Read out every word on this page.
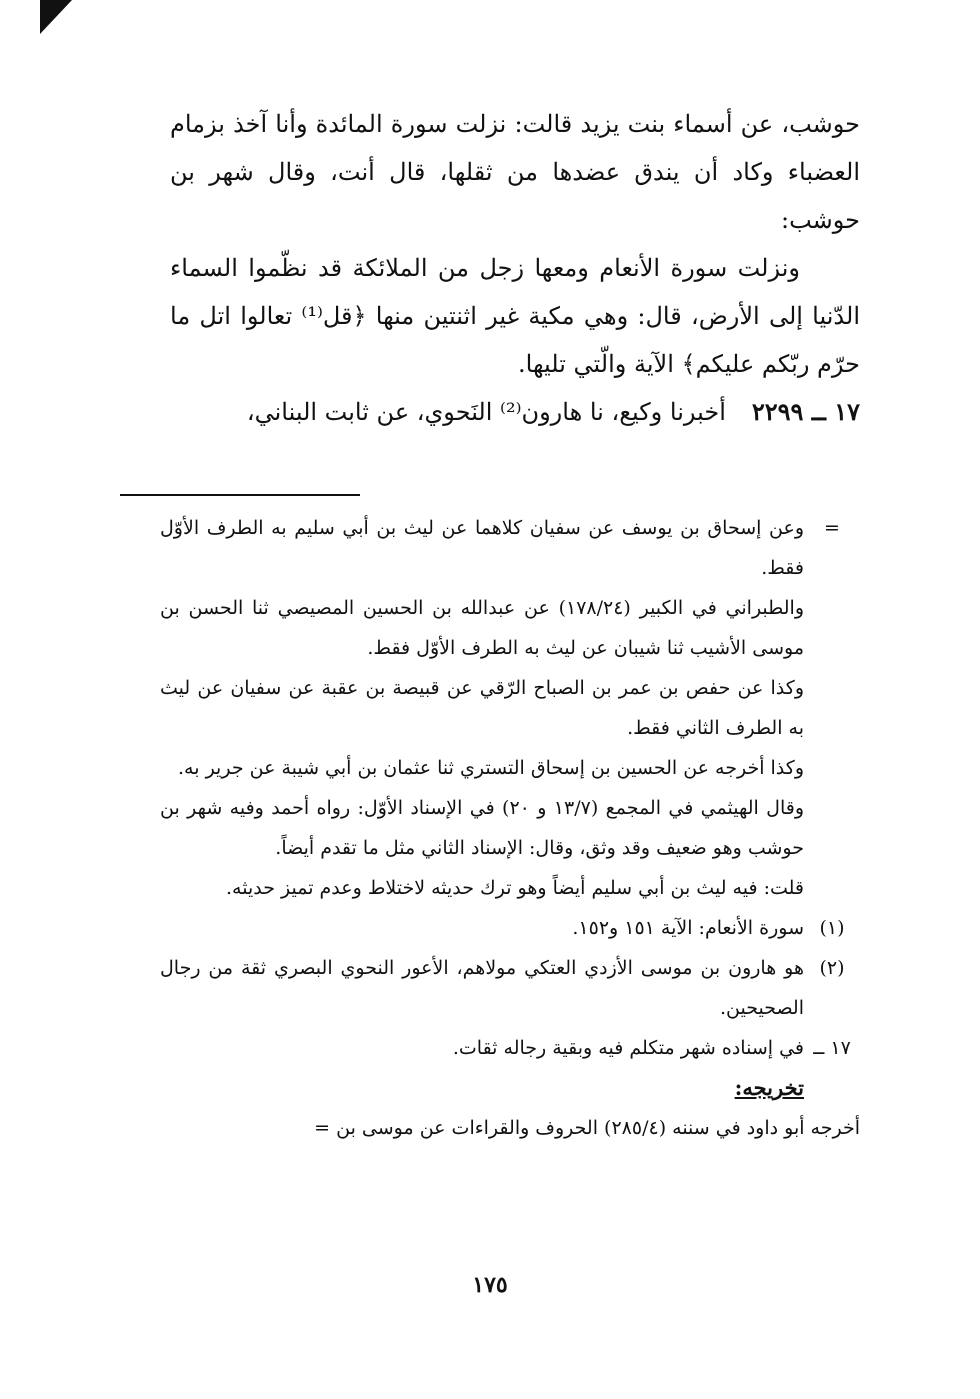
حوشب، عن أسماء بنت يزيد قالت: نزلت سورة المائدة وأنا آخذ بزمام العضباء وكاد أن يندق عضدها من ثقلها، قال أنت، وقال شهر بن حوشب:

ونزلت سورة الأنعام ومعها زجل من الملائكة قد نظّموا السماء الدّنيا إلى الأرض، قال: وهي مكية غير اثنتين منها ﴿قل⁽¹⁾ تعالوا اتل ما حرّم ربّكم عليكم﴾ الآية والّتي تليها.

١٧ ــ ٢٢٩٩أخبرنا وكيع، نا هارون⁽²⁾ النَحوي، عن ثابت البناني،

=
وعن إسحاق بن يوسف عن سفيان كلاهما عن ليث بن أبي سليم به الطرف الأوّل فقط.
والطبراني في الكبير (١٧٨/٢٤) عن عبدالله بن الحسين المصيصي ثنا الحسن بن موسى الأشيب ثنا شيبان عن ليث به الطرف الأوّل فقط.
وكذا عن حفص بن عمر بن الصباح الرّقي عن قبيصة بن عقبة عن سفيان عن ليث به الطرف الثاني فقط.
وكذا أخرجه عن الحسين بن إسحاق التستري ثنا عثمان بن أبي شيبة عن جرير به.
وقال الهيثمي في المجمع (١٣/٧ و ٢٠) في الإسناد الأوّل: رواه أحمد وفيه شهر بن حوشب وهو ضعيف وقد وثق، وقال: الإسناد الثاني مثل ما تقدم أيضاً.
قلت: فيه ليث بن أبي سليم أيضاً وهو ترك حديثه لاختلاط وعدم تميز حديثه.
(١)
سورة الأنعام: الآية ١٥١ و١٥٢.
(٢)
هو هارون بن موسى الأزدي العتكي مولاهم، الأعور النحوي البصري ثقة من رجال الصحيحين.
١٧ ــ
في إسناده شهر متكلم فيه وبقية رجاله ثقات.
تخريجه:
أخرجه أبو داود في سننه (٢٨٥/٤) الحروف والقراءات عن موسى بن =
١٧٥
